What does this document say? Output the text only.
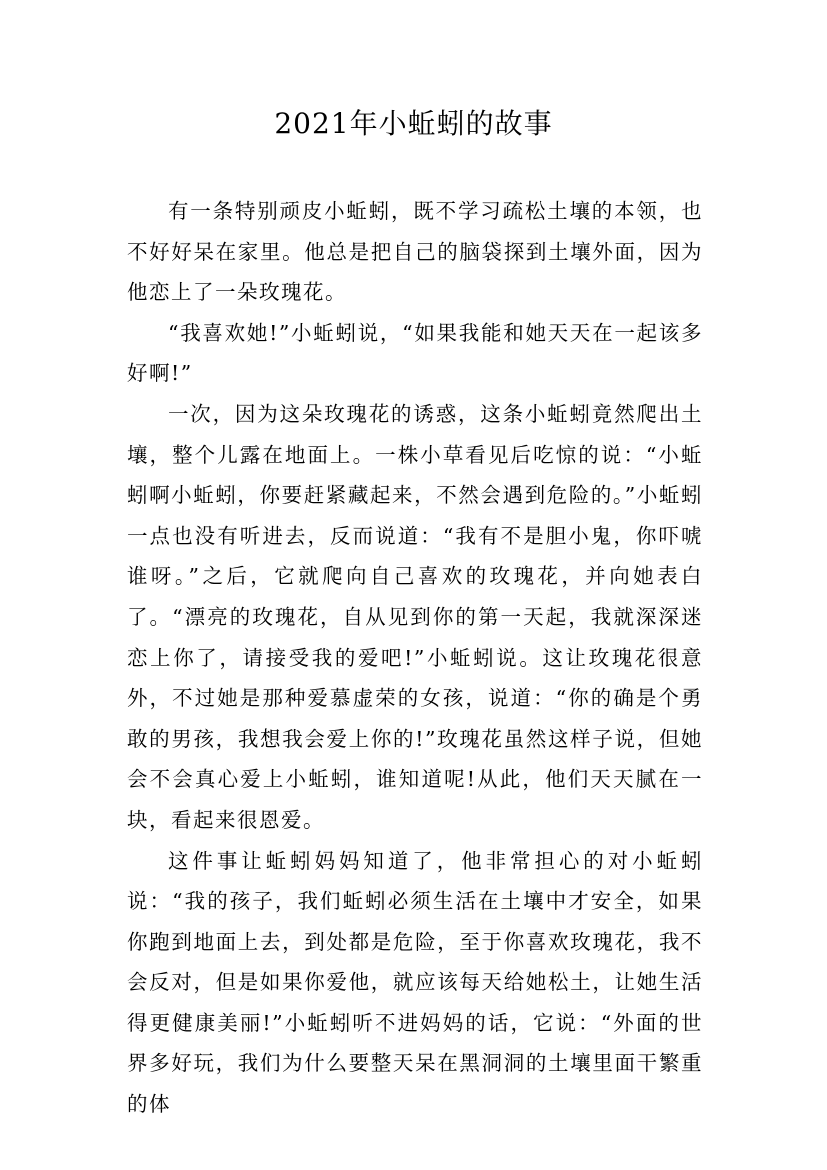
2021年小蚯蚓的故事

有一条特别顽皮小蚯蚓，既不学习疏松土壤的本领，也不好好呆在家里。他总是把自己的脑袋探到土壤外面，因为他恋上了一朵玫瑰花。

“我喜欢她!”小蚯蚓说，“如果我能和她天天在一起该多好啊!”

一次，因为这朵玫瑰花的诱惑，这条小蚯蚓竟然爬出土壤，整个儿露在地面上。一株小草看见后吃惊的说：“小蚯蚓啊小蚯蚓，你要赶紧藏起来，不然会遇到危险的。”小蚯蚓一点也没有听进去，反而说道：“我有不是胆小鬼，你吓唬谁呀。”之后，它就爬向自己喜欢的玫瑰花，并向她表白了。“漂亮的玫瑰花，自从见到你的第一天起，我就深深迷恋上你了，请接受我的爱吧!”小蚯蚓说。这让玫瑰花很意外，不过她是那种爱慕虚荣的女孩，说道：“你的确是个勇敢的男孩，我想我会爱上你的!”玫瑰花虽然这样子说，但她会不会真心爱上小蚯蚓，谁知道呢!从此，他们天天腻在一块，看起来很恩爱。

这件事让蚯蚓妈妈知道了，他非常担心的对小蚯蚓说：“我的孩子，我们蚯蚓必须生活在土壤中才安全，如果你跑到地面上去，到处都是危险，至于你喜欢玫瑰花，我不会反对，但是如果你爱他，就应该每天给她松土，让她生活得更健康美丽!”小蚯蚓听不进妈妈的话，它说：“外面的世界多好玩，我们为什么要整天呆在黑洞洞的土壤里面干繁重的体
